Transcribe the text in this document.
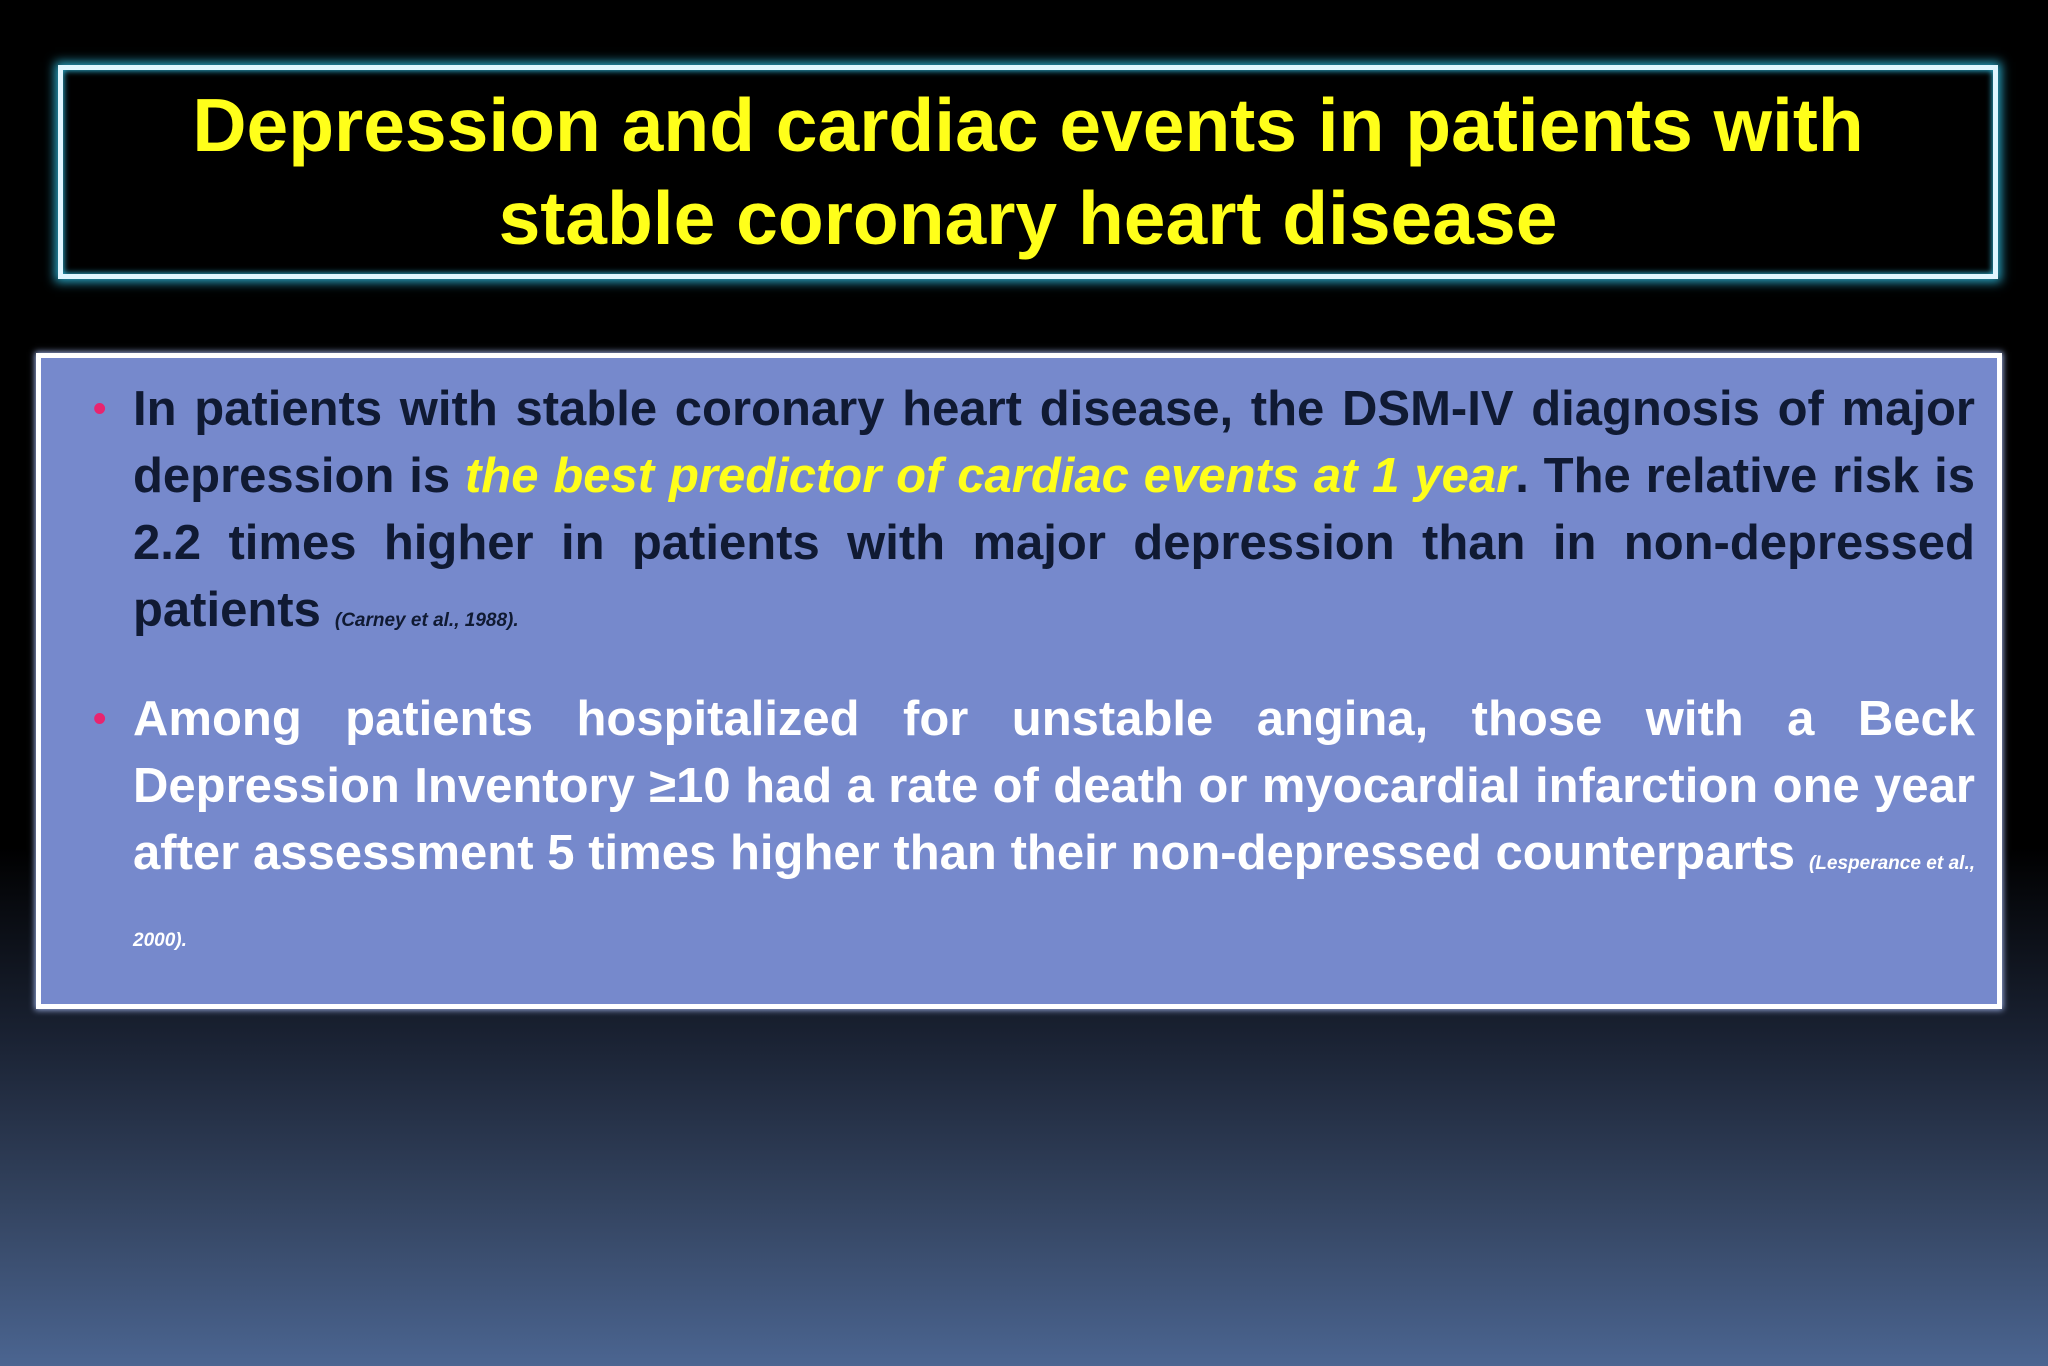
Depression and cardiac events in patients with stable coronary heart disease

• In patients with stable coronary heart disease, the DSM-IV diagnosis of major depression is the best predictor of cardiac events at 1 year. The relative risk is 2.2 times higher in patients with major depression than in non-depressed patients (Carney et al., 1988).

• Among patients hospitalized for unstable angina, those with a Beck Depression Inventory ≥10 had a rate of death or myocardial infarction one year after assessment 5 times higher than their non-depressed counterparts (Lesperance et al., 2000).
